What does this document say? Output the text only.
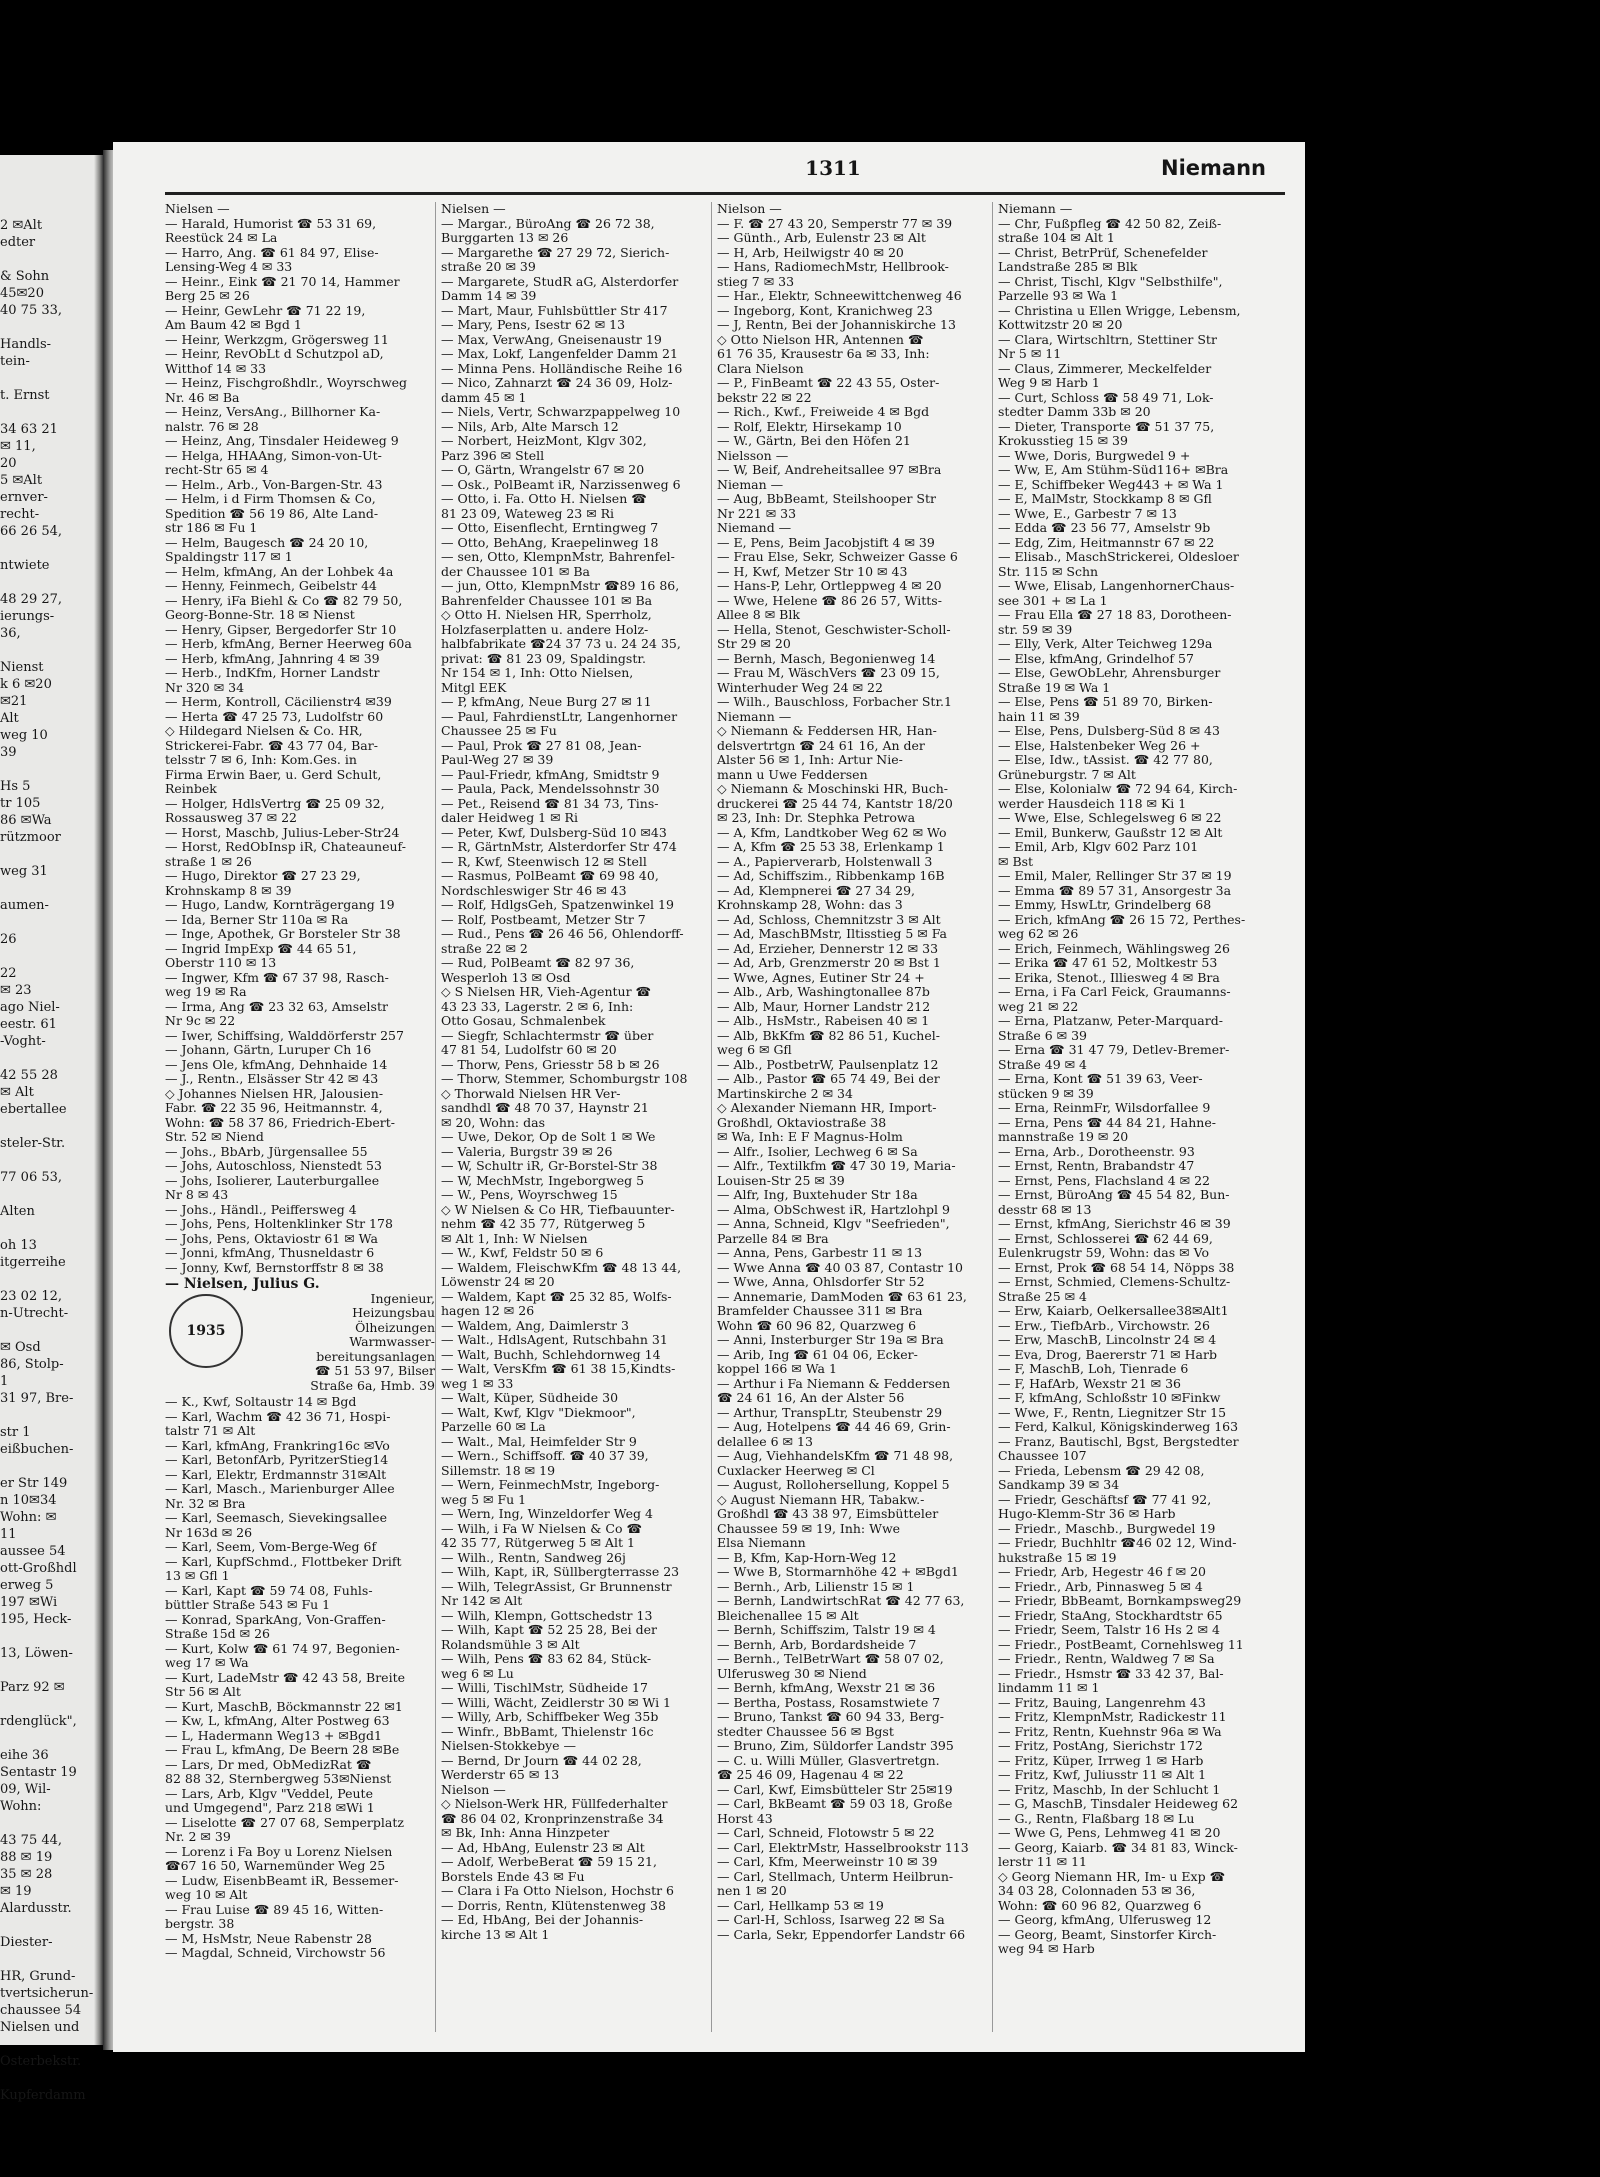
2 ✉Alt
edter

& Sohn
45✉20
40 75 33,

Handls-
tein-

t. Ernst

34 63 21
✉ 11,
20
5 ✉Alt
ernver-
recht-
66 26 54,

ntwiete

48 29 27,
ierungs-
36,

Nienst
k 6 ✉20
✉21
Alt
weg 10
39

Hs 5
tr 105
86 ✉Wa
rützmoor

weg 31

aumen-

26

22
✉ 23
ago Niel-
eestr. 61
-Voght-

42 55 28
✉ Alt
ebertallee

steler-Str.

77 06 53,

Alten

oh 13
itgerreihe

23 02 12,
n-Utrecht-

✉ Osd
86, Stolp-
1
31 97, Bre-

str 1
eißbuchen-

er Str 149
n 10✉34
Wohn: ✉
11
aussee 54
ott-Großhdl
erweg 5
197 ✉Wi
195, Heck-

13, Löwen-

Parz 92 ✉

rdenglück",

eihe 36
Sentastr 19
09, Wil-
Wohn:

43 75 44,
88 ✉ 19
35 ✉ 28
✉ 19
Alardusstr.

Diester-

HR, Grund-
tvertsicherun-
chaussee 54
Nielsen und

Osterbekstr.

Kupferdamm
1311	Niemann
Nielsen —
— Harald, Humorist ☎ 53 31 69,
Reestück 24 ✉ La
— Harro, Ang. ☎ 61 84 97, Elise-
Lensing-Weg 4 ✉ 33
— Heinr., Eink ☎ 21 70 14, Hammer
Berg 25 ✉ 26
— Heinr, GewLehr ☎ 71 22 19,
Am Baum 42 ✉ Bgd 1
— Heinr, Werkzgm, Grögersweg 11
— Heinr, RevObLt d Schutzpol aD,
Witthof 14 ✉ 33
— Heinz, Fischgroßhdlr., Woyrschweg
Nr. 46 ✉ Ba
— Heinz, VersAng., Billhorner Ka-
nalstr. 76 ✉ 28
— Heinz, Ang, Tinsdaler Heideweg 9
— Helga, HHAAng, Simon-von-Ut-
recht-Str 65 ✉ 4
— Helm., Arb., Von-Bargen-Str. 43
— Helm, i d Firm Thomsen & Co,
Spedition ☎ 56 19 86, Alte Land-
str 186 ✉ Fu 1
— Helm, Baugesch ☎ 24 20 10,
Spaldingstr 117 ✉ 1
— Helm, kfmAng, An der Lohbek 4a
— Henny, Feinmech, Geibelstr 44
— Henry, iFa Biehl & Co ☎ 82 79 50,
Georg-Bonne-Str. 18 ✉ Nienst
— Henry, Gipser, Bergedorfer Str 10
— Herb, kfmAng, Berner Heerweg 60a
— Herb, kfmAng, Jahnring 4 ✉ 39
— Herb., IndKfm, Horner Landstr
Nr 320 ✉ 34
— Herm, Kontroll, Cäcilienstr4 ✉39
— Herta ☎ 47 25 73, Ludolfstr 60
◇ Hildegard Nielsen & Co. HR,
Strickerei-Fabr. ☎ 43 77 04, Bar-
telsstr 7 ✉ 6, Inh: Kom.Ges. in
Firma Erwin Baer, u. Gerd Schult,
Reinbek
— Holger, HdlsVertrg ☎ 25 09 32,
Rossausweg 37 ✉ 22
— Horst, Maschb, Julius-Leber-Str24
— Horst, RedObInsp iR, Chateauneuf-
straße 1 ✉ 26
— Hugo, Direktor ☎ 27 23 29,
Krohnskamp 8 ✉ 39
— Hugo, Landw, Kornträgergang 19
— Ida, Berner Str 110a ✉ Ra
— Inge, Apothek, Gr Borsteler Str 38
— Ingrid ImpExp ☎ 44 65 51,
Oberstr 110 ✉ 13
— Ingwer, Kfm ☎ 67 37 98, Rasch-
weg 19 ✉ Ra
— Irma, Ang ☎ 23 32 63, Amselstr
Nr 9c ✉ 22
— Iwer, Schiffsing, Walddörferstr 257
— Johann, Gärtn, Luruper Ch 16
— Jens Ole, kfmAng, Dehnhaide 14
— J., Rentn., Elsässer Str 42 ✉ 43
◇ Johannes Nielsen HR, Jalousien-
Fabr. ☎ 22 35 96, Heitmannstr. 4,
Wohn: ☎ 58 37 86, Friedrich-Ebert-
Str. 52 ✉ Niend
— Johs., BbArb, Jürgensallee 55
— Johs, Autoschloss, Nienstedt 53
— Johs, Isolierer, Lauterburgallee
Nr 8 ✉ 43
— Johs., Händl., Peiffersweg 4
— Johs, Pens, Holtenklinker Str 178
— Johs, Pens, Oktaviostr 61 ✉ Wa
— Jonni, kfmAng, Thusneldastr 6
— Jonny, Kwf, Bernstorffstr 8 ✉ 38
— Nielsen, Julius G.
1935
Ingenieur,
Heizungsbau
Ölheizungen
Warmwasser-
bereitungsanlagen
☎ 51 53 97, Bilser
Straße 6a, Hmb. 39
— K., Kwf, Soltaustr 14 ✉ Bgd
— Karl, Wachm ☎ 42 36 71, Hospi-
talstr 71 ✉ Alt
— Karl, kfmAng, Frankring16c ✉Vo
— Karl, BetonfArb, PyritzerStieg14
— Karl, Elektr, Erdmannstr 31✉Alt
— Karl, Masch., Marienburger Allee
Nr. 32 ✉ Bra
— Karl, Seemasch, Sievekingsallee
Nr 163d ✉ 26
— Karl, Seem, Vom-Berge-Weg 6f
— Karl, KupfSchmd., Flottbeker Drift
13 ✉ Gfl 1
— Karl, Kapt ☎ 59 74 08, Fuhls-
büttler Straße 543 ✉ Fu 1
— Konrad, SparkAng, Von-Graffen-
Straße 15d ✉ 26
— Kurt, Kolw ☎ 61 74 97, Begonien-
weg 17 ✉ Wa
— Kurt, LadeMstr ☎ 42 43 58, Breite
Str 56 ✉ Alt
— Kurt, MaschB, Böckmannstr 22 ✉1
— Kw, L, kfmAng, Alter Postweg 63
— L, Hadermann Weg13 + ✉Bgd1
— Frau L, kfmAng, De Beern 28 ✉Be
— Lars, Dr med, ObMedizRat ☎
82 88 32, Sternbergweg 53✉Nienst
— Lars, Arb, Klgv "Veddel, Peute
und Umgegend", Parz 218 ✉Wi 1
— Liselotte ☎ 27 07 68, Semperplatz
Nr. 2 ✉ 39
— Lorenz i Fa Boy u Lorenz Nielsen
☎67 16 50, Warnemünder Weg 25
— Ludw, EisenbBeamt iR, Bessemer-
weg 10 ✉ Alt
— Frau Luise ☎ 89 45 16, Witten-
bergstr. 38
— M, HsMstr, Neue Rabenstr 28
— Magdal, Schneid, Virchowstr 56
Nielsen —
— Margar., BüroAng ☎ 26 72 38,
Burggarten 13 ✉ 26
— Margarethe ☎ 27 29 72, Sierich-
straße 20 ✉ 39
— Margarete, StudR aG, Alsterdorfer
Damm 14 ✉ 39
— Mart, Maur, Fuhlsbüttler Str 417
— Mary, Pens, Isestr 62 ✉ 13
— Max, VerwAng, Gneisenaustr 19
— Max, Lokf, Langenfelder Damm 21
— Minna Pens. Holländische Reihe 16
— Nico, Zahnarzt ☎ 24 36 09, Holz-
damm 45 ✉ 1
— Niels, Vertr, Schwarzpappelweg 10
— Nils, Arb, Alte Marsch 12
— Norbert, HeizMont, Klgv 302,
Parz 396 ✉ Stell
— O, Gärtn, Wrangelstr 67 ✉ 20
— Osk., PolBeamt iR, Narzissenweg 6
— Otto, i. Fa. Otto H. Nielsen ☎
81 23 09, Wateweg 23 ✉ Ri
— Otto, Eisenflecht, Erntingweg 7
— Otto, BehAng, Kraepelinweg 18
— sen, Otto, KlempnMstr, Bahrenfel-
der Chaussee 101 ✉ Ba
— jun, Otto, KlempnMstr ☎89 16 86,
Bahrenfelder Chaussee 101 ✉ Ba
◇ Otto H. Nielsen HR, Sperrholz,
Holzfaserplatten u. andere Holz-
halbfabrikate ☎24 37 73 u. 24 24 35,
privat: ☎ 81 23 09, Spaldingstr.
Nr 154 ✉ 1, Inh: Otto Nielsen,
Mitgl EEK
— P, kfmAng, Neue Burg 27 ✉ 11
— Paul, FahrdienstLtr, Langenhorner
Chaussee 25 ✉ Fu
— Paul, Prok ☎ 27 81 08, Jean-
Paul-Weg 27 ✉ 39
— Paul-Friedr, kfmAng, Smidtstr 9
— Paula, Pack, Mendelssohnstr 30
— Pet., Reisend ☎ 81 34 73, Tins-
daler Heidweg 1 ✉ Ri
— Peter, Kwf, Dulsberg-Süd 10 ✉43
— R, GärtnMstr, Alsterdorfer Str 474
— R, Kwf, Steenwisch 12 ✉ Stell
— Rasmus, PolBeamt ☎ 69 98 40,
Nordschleswiger Str 46 ✉ 43
— Rolf, HdlgsGeh, Spatzenwinkel 19
— Rolf, Postbeamt, Metzer Str 7
— Rud., Pens ☎ 26 46 56, Ohlendorff-
straße 22 ✉ 2
— Rud, PolBeamt ☎ 82 97 36,
Wesperloh 13 ✉ Osd
◇ S Nielsen HR, Vieh-Agentur ☎
43 23 33, Lagerstr. 2 ✉ 6, Inh:
Otto Gosau, Schmalenbek
— Siegfr, Schlachtermstr ☎ über
47 81 54, Ludolfstr 60 ✉ 20
— Thorw, Pens, Griesstr 58 b ✉ 26
— Thorw, Stemmer, Schomburgstr 108
◇ Thorwald Nielsen HR Ver-
sandhdl ☎ 48 70 37, Haynstr 21
✉ 20, Wohn: das
— Uwe, Dekor, Op de Solt 1 ✉ We
— Valeria, Burgstr 39 ✉ 26
— W, Schultr iR, Gr-Borstel-Str 38
— W, MechMstr, Ingeborgweg 5
— W., Pens, Woyrschweg 15
◇ W Nielsen & Co HR, Tiefbauunter-
nehm ☎ 42 35 77, Rütgerweg 5
✉ Alt 1, Inh: W Nielsen
— W., Kwf, Feldstr 50 ✉ 6
— Waldem, FleischwKfm ☎ 48 13 44,
Löwenstr 24 ✉ 20
— Waldem, Kapt ☎ 25 32 85, Wolfs-
hagen 12 ✉ 26
— Waldem, Ang, Daimlerstr 3
— Walt., HdlsAgent, Rutschbahn 31
— Walt, Buchh, Schlehdornweg 14
— Walt, VersKfm ☎ 61 38 15,Kindts-
weg 1 ✉ 33
— Walt, Küper, Südheide 30
— Walt, Kwf, Klgv "Diekmoor",
Parzelle 60 ✉ La
— Walt., Mal, Heimfelder Str 9
— Wern., Schiffsoff. ☎ 40 37 39,
Sillemstr. 18 ✉ 19
— Wern, FeinmechMstr, Ingeborg-
weg 5 ✉ Fu 1
— Wern, Ing, Winzeldorfer Weg 4
— Wilh, i Fa W Nielsen & Co ☎
42 35 77, Rütgerweg 5 ✉ Alt 1
— Wilh., Rentn, Sandweg 26j
— Wilh, Kapt, iR, Süllbergterrasse 23
— Wilh, TelegrAssist, Gr Brunnenstr
Nr 142 ✉ Alt
— Wilh, Klempn, Gottschedstr 13
— Wilh, Kapt ☎ 52 25 28, Bei der
Rolandsmühle 3 ✉ Alt
— Wilh, Pens ☎ 83 62 84, Stück-
weg 6 ✉ Lu
— Willi, TischlMstr, Südheide 17
— Willi, Wächt, Zeidlerstr 30 ✉ Wi 1
— Willy, Arb, Schiffbeker Weg 35b
— Winfr., BbBamt, Thielenstr 16c
Nielsen-Stokkebye —
— Bernd, Dr Journ ☎ 44 02 28,
Werderstr 65 ✉ 13
Nielson —
◇ Nielson-Werk HR, Füllfederhalter
☎ 86 04 02, Kronprinzenstraße 34
✉ Bk, Inh: Anna Hinzpeter
— Ad, HbAng, Eulenstr 23 ✉ Alt
— Adolf, WerbeBerat ☎ 59 15 21,
Borstels Ende 43 ✉ Fu
— Clara i Fa Otto Nielson, Hochstr 6
— Dorris, Rentn, Klütenstenweg 38
— Ed, HbAng, Bei der Johannis-
kirche 13 ✉ Alt 1
Nielson —
— F. ☎ 27 43 20, Semperstr 77 ✉ 39
— Günth., Arb, Eulenstr 23 ✉ Alt
— H, Arb, Heilwigstr 40 ✉ 20
— Hans, RadiomechMstr, Hellbrook-
stieg 7 ✉ 33
— Har., Elektr, Schneewittchenweg 46
— Ingeborg, Kont, Kranichweg 23
— J, Rentn, Bei der Johanniskirche 13
◇ Otto Nielson HR, Antennen ☎
61 76 35, Krausestr 6a ✉ 33, Inh:
Clara Nielson
— P., FinBeamt ☎ 22 43 55, Oster-
bekstr 22 ✉ 22
— Rich., Kwf., Freiweide 4 ✉ Bgd
— Rolf, Elektr, Hirsekamp 10
— W., Gärtn, Bei den Höfen 21
Nielsson —
— W, Beif, Andreheitsallee 97 ✉Bra
Nieman —
— Aug, BbBeamt, Steilshooper Str
Nr 221 ✉ 33
Niemand —
— E, Pens, Beim Jacobjstift 4 ✉ 39
— Frau Else, Sekr, Schweizer Gasse 6
— H, Kwf, Metzer Str 10 ✉ 43
— Hans-P, Lehr, Ortleppweg 4 ✉ 20
— Wwe, Helene ☎ 86 26 57, Witts-
Allee 8 ✉ Blk
— Hella, Stenot, Geschwister-Scholl-
Str 29 ✉ 20
— Bernh, Masch, Begonienweg 14
— Frau M, WäschVers ☎ 23 09 15,
Winterhuder Weg 24 ✉ 22
— Wilh., Bauschloss, Forbacher Str.1
Niemann —
◇ Niemann & Feddersen HR, Han-
delsvertrtgn ☎ 24 61 16, An der
Alster 56 ✉ 1, Inh: Artur Nie-
mann u Uwe Feddersen
◇ Niemann & Moschinski HR, Buch-
druckerei ☎ 25 44 74, Kantstr 18/20
✉ 23, Inh: Dr. Stephka Petrowa
— A, Kfm, Landtkober Weg 62 ✉ Wo
— A, Kfm ☎ 25 53 38, Erlenkamp 1
— A., Papierverarb, Holstenwall 3
— Ad, Schiffszim., Ribbenkamp 16B
— Ad, Klempnerei ☎ 27 34 29,
Krohnskamp 28, Wohn: das 3
— Ad, Schloss, Chemnitzstr 3 ✉ Alt
— Ad, MaschBMstr, Iltisstieg 5 ✉ Fa
— Ad, Erzieher, Dennerstr 12 ✉ 33
— Ad, Arb, Grenzmerstr 20 ✉ Bst 1
— Wwe, Agnes, Eutiner Str 24 +
— Alb., Arb, Washingtonallee 87b
— Alb, Maur, Horner Landstr 212
— Alb., HsMstr., Rabeisen 40 ✉ 1
— Alb, BkKfm ☎ 82 86 51, Kuchel-
weg 6 ✉ Gfl
— Alb., PostbetrW, Paulsenplatz 12
— Alb., Pastor ☎ 65 74 49, Bei der
Martinskirche 2 ✉ 34
◇ Alexander Niemann HR, Import-
Großhdl, Oktaviostraße 38
✉ Wa, Inh: E F Magnus-Holm
— Alfr., Isolier, Lechweg 6 ✉ Sa
— Alfr., Textilkfm ☎ 47 30 19, Maria-
Louisen-Str 25 ✉ 39
— Alfr, Ing, Buxtehuder Str 18a
— Alma, ObSchwest iR, Hartzlohpl 9
— Anna, Schneid, Klgv "Seefrieden",
Parzelle 84 ✉ Bra
— Anna, Pens, Garbestr 11 ✉ 13
— Wwe Anna ☎ 40 03 87, Contastr 10
— Wwe, Anna, Ohlsdorfer Str 52
— Annemarie, DamModen ☎ 63 61 23,
Bramfelder Chaussee 311 ✉ Bra
Wohn ☎ 60 96 82, Quarzweg 6
— Anni, Insterburger Str 19a ✉ Bra
— Arib, Ing ☎ 61 04 06, Ecker-
koppel 166 ✉ Wa 1
— Arthur i Fa Niemann & Feddersen
☎ 24 61 16, An der Alster 56
— Arthur, TranspLtr, Steubenstr 29
— Aug, Hotelpens ☎ 44 46 69, Grin-
delallee 6 ✉ 13
— Aug, ViehhandelsKfm ☎ 71 48 98,
Cuxlacker Heerweg ✉ Cl
— August, Rollohersellung, Koppel 5
◇ August Niemann HR, Tabakw.-
Großhdl ☎ 43 38 97, Eimsbütteler
Chaussee 59 ✉ 19, Inh: Wwe
Elsa Niemann
— B, Kfm, Kap-Horn-Weg 12
— Wwe B, Stormarnhöhe 42 + ✉Bgd1
— Bernh., Arb, Lilienstr 15 ✉ 1
— Bernh, LandwirtschRat ☎ 42 77 63,
Bleichenallee 15 ✉ Alt
— Bernh, Schiffszim, Talstr 19 ✉ 4
— Bernh, Arb, Bordardsheide 7
— Bernh., TelBetrWart ☎ 58 07 02,
Ulferusweg 30 ✉ Niend
— Bernh, kfmAng, Wexstr 21 ✉ 36
— Bertha, Postass, Rosamstwiete 7
— Bruno, Tankst ☎ 60 94 33, Berg-
stedter Chaussee 56 ✉ Bgst
— Bruno, Zim, Süldorfer Landstr 395
— C. u. Willi Müller, Glasvertretgn.
☎ 25 46 09, Hagenau 4 ✉ 22
— Carl, Kwf, Eimsbütteler Str 25✉19
— Carl, BkBeamt ☎ 59 03 18, Große
Horst 43
— Carl, Schneid, Flotowstr 5 ✉ 22
— Carl, ElektrMstr, Hasselbrookstr 113
— Carl, Kfm, Meerweinstr 10 ✉ 39
— Carl, Stellmach, Unterm Heilbrun-
nen 1 ✉ 20
— Carl, Hellkamp 53 ✉ 19
— Carl-H, Schloss, Isarweg 22 ✉ Sa
— Carla, Sekr, Eppendorfer Landstr 66
Niemann —
— Chr, Fußpfleg ☎ 42 50 82, Zeiß-
straße 104 ✉ Alt 1
— Christ, BetrPrüf, Schenefelder
Landstraße 285 ✉ Blk
— Christ, Tischl, Klgv "Selbsthilfe",
Parzelle 93 ✉ Wa 1
— Christina u Ellen Wrigge, Lebensm,
Kottwitzstr 20 ✉ 20
— Clara, Wirtschltrn, Stettiner Str
Nr 5 ✉ 11
— Claus, Zimmerer, Meckelfelder
Weg 9 ✉ Harb 1
— Curt, Schloss ☎ 58 49 71, Lok-
stedter Damm 33b ✉ 20
— Dieter, Transporte ☎ 51 37 75,
Krokusstieg 15 ✉ 39
— Wwe, Doris, Burgwedel 9 +
— Ww, E, Am Stühm-Süd116+ ✉Bra
— E, Schiffbeker Weg443 + ✉ Wa 1
— E, MalMstr, Stockkamp 8 ✉ Gfl
— Wwe, E., Garbestr 7 ✉ 13
— Edda ☎ 23 56 77, Amselstr 9b
— Edg, Zim, Heitmannstr 67 ✉ 22
— Elisab., MaschStrickerei, Oldesloer
Str. 115 ✉ Schn
— Wwe, Elisab, LangenhornerChaus-
see 301 + ✉ La 1
— Frau Ella ☎ 27 18 83, Dorotheen-
str. 59 ✉ 39
— Elly, Verk, Alter Teichweg 129a
— Else, kfmAng, Grindelhof 57
— Else, GewObLehr, Ahrensburger
Straße 19 ✉ Wa 1
— Else, Pens ☎ 51 89 70, Birken-
hain 11 ✉ 39
— Else, Pens, Dulsberg-Süd 8 ✉ 43
— Else, Halstenbeker Weg 26 +
— Else, Idw., tAssist. ☎ 42 77 80,
Grüneburgstr. 7 ✉ Alt
— Else, Kolonialw ☎ 72 94 64, Kirch-
werder Hausdeich 118 ✉ Ki 1
— Wwe, Else, Schlegelsweg 6 ✉ 22
— Emil, Bunkerw, Gaußstr 12 ✉ Alt
— Emil, Arb, Klgv 602 Parz 101
✉ Bst
— Emil, Maler, Rellinger Str 37 ✉ 19
— Emma ☎ 89 57 31, Ansorgestr 3a
— Emmy, HswLtr, Grindelberg 68
— Erich, kfmAng ☎ 26 15 72, Perthes-
weg 62 ✉ 26
— Erich, Feinmech, Wählingsweg 26
— Erika ☎ 47 61 52, Moltkestr 53
— Erika, Stenot., Illiesweg 4 ✉ Bra
— Erna, i Fa Carl Feick, Graumanns-
weg 21 ✉ 22
— Erna, Platzanw, Peter-Marquard-
Straße 6 ✉ 39
— Erna ☎ 31 47 79, Detlev-Bremer-
Straße 49 ✉ 4
— Erna, Kont ☎ 51 39 63, Veer-
stücken 9 ✉ 39
— Erna, ReinmFr, Wilsdorfallee 9
— Erna, Pens ☎ 44 84 21, Hahne-
mannstraße 19 ✉ 20
— Erna, Arb., Dorotheenstr. 93
— Ernst, Rentn, Brabandstr 47
— Ernst, Pens, Flachsland 4 ✉ 22
— Ernst, BüroAng ☎ 45 54 82, Bun-
desstr 68 ✉ 13
— Ernst, kfmAng, Sierichstr 46 ✉ 39
— Ernst, Schlosserei ☎ 62 44 69,
Eulenkrugstr 59, Wohn: das ✉ Vo
— Ernst, Prok ☎ 68 54 14, Nöpps 38
— Ernst, Schmied, Clemens-Schultz-
Straße 25 ✉ 4
— Erw, Kaiarb, Oelkersallee38✉Alt1
— Erw., TiefbArb., Virchowstr. 26
— Erw, MaschB, Lincolnstr 24 ✉ 4
— Eva, Drog, Baererstr 71 ✉ Harb
— F, MaschB, Loh, Tienrade 6
— F, HafArb, Wexstr 21 ✉ 36
— F, kfmAng, Schloßstr 10 ✉Finkw
— Wwe, F., Rentn, Liegnitzer Str 15
— Ferd, Kalkul, Königskinderweg 163
— Franz, Bautischl, Bgst, Bergstedter
Chaussee 107
— Frieda, Lebensm ☎ 29 42 08,
Sandkamp 39 ✉ 34
— Friedr, Geschäftsf ☎ 77 41 92,
Hugo-Klemm-Str 36 ✉ Harb
— Friedr., Maschb., Burgwedel 19
— Friedr, Buchhltr ☎46 02 12, Wind-
hukstraße 15 ✉ 19
— Friedr, Arb, Hegestr 46 f ✉ 20
— Friedr., Arb, Pinnasweg 5 ✉ 4
— Friedr, BbBeamt, Bornkampsweg29
— Friedr, StaAng, Stockhardtstr 65
— Friedr, Seem, Talstr 16 Hs 2 ✉ 4
— Friedr., PostBeamt, Cornehlsweg 11
— Friedr., Rentn, Waldweg 7 ✉ Sa
— Friedr., Hsmstr ☎ 33 42 37, Bal-
lindamm 11 ✉ 1
— Fritz, Bauing, Langenrehm 43
— Fritz, KlempnMstr, Radickestr 11
— Fritz, Rentn, Kuehnstr 96a ✉ Wa
— Fritz, PostAng, Sierichstr 172
— Fritz, Küper, Irrweg 1 ✉ Harb
— Fritz, Kwf, Juliusstr 11 ✉ Alt 1
— Fritz, Maschb, In der Schlucht 1
— G, MaschB, Tinsdaler Heideweg 62
— G., Rentn, Flaßbarg 18 ✉ Lu
— Wwe G, Pens, Lehmweg 41 ✉ 20
— Georg, Kaiarb. ☎ 34 81 83, Winck-
lerstr 11 ✉ 11
◇ Georg Niemann HR, Im- u Exp ☎
34 03 28, Colonnaden 53 ✉ 36,
Wohn: ☎ 60 96 82, Quarzweg 6
— Georg, kfmAng, Ulferusweg 12
— Georg, Beamt, Sinstorfer Kirch-
weg 94 ✉ Harb
